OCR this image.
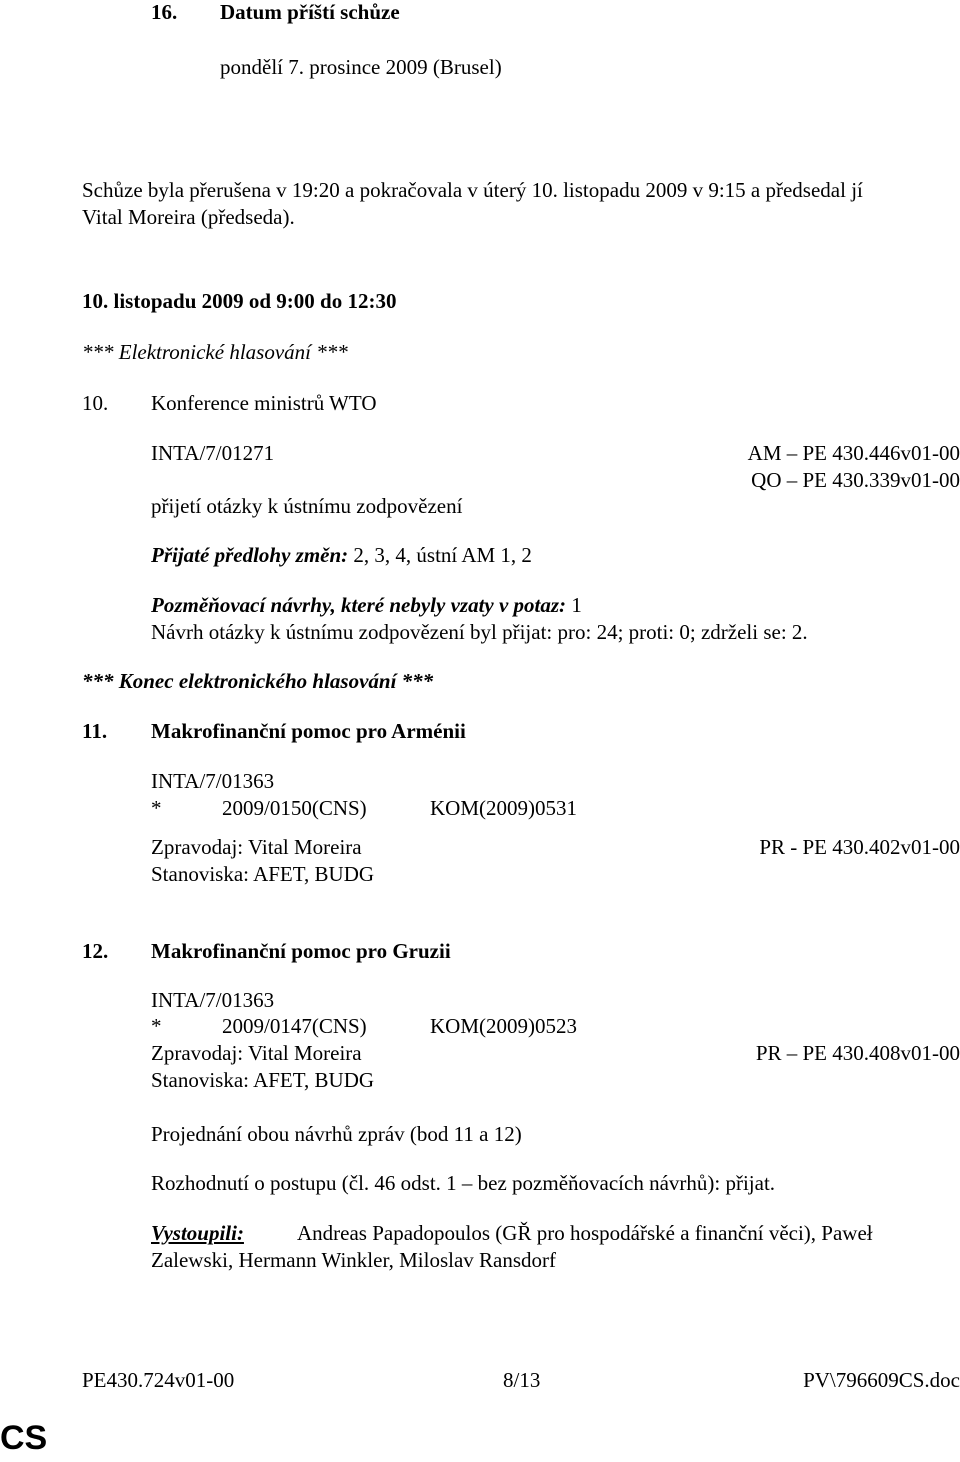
16. Datum příští schůze
pondělí 7. prosince 2009 (Brusel)
Schůze byla přerušena v 19:20 a pokračovala v úterý 10. listopadu 2009 v 9:15 a předsedal jí
Vital Moreira (předseda).
10. listopadu 2009 od 9:00 do 12:30
*** Elektronické hlasování ***
10. Konference ministrů WTO
INTA/7/01271	AM – PE 430.446v01-00
QO – PE 430.339v01-00
přijetí otázky k ústnímu zodpovězení
Přijaté předlohy změn: 2, 3, 4, ústní AM 1, 2
Pozměňovací návrhy, které nebyly vzaty v potaz: 1
Návrh otázky k ústnímu zodpovězení byl přijat: pro: 24; proti: 0; zdrželi se: 2.
*** Konec elektronického hlasování ***
11. Makrofinanční pomoc pro Arménii
INTA/7/01363
*	2009/0150(CNS)	KOM(2009)0531
Zpravodaj: Vital Moreira	PR - PE 430.402v01-00
Stanoviska: AFET, BUDG
12. Makrofinanční pomoc pro Gruzii
INTA/7/01363
*	2009/0147(CNS)	KOM(2009)0523
Zpravodaj: Vital Moreira	PR – PE 430.408v01-00
Stanoviska: AFET, BUDG
Projednání obou návrhů zpráv (bod 11 a 12)
Rozhodnutí o postupu (čl. 46 odst. 1 – bez pozměňovacích návrhů): přijat.
Vystoupili:	Andreas Papadopoulos (GŘ pro hospodářské a finanční věci), Paweł
Zalewski, Hermann Winkler, Miloslav Ransdorf
PE430.724v01-00	8/13	PV\796609CS.doc
CS
